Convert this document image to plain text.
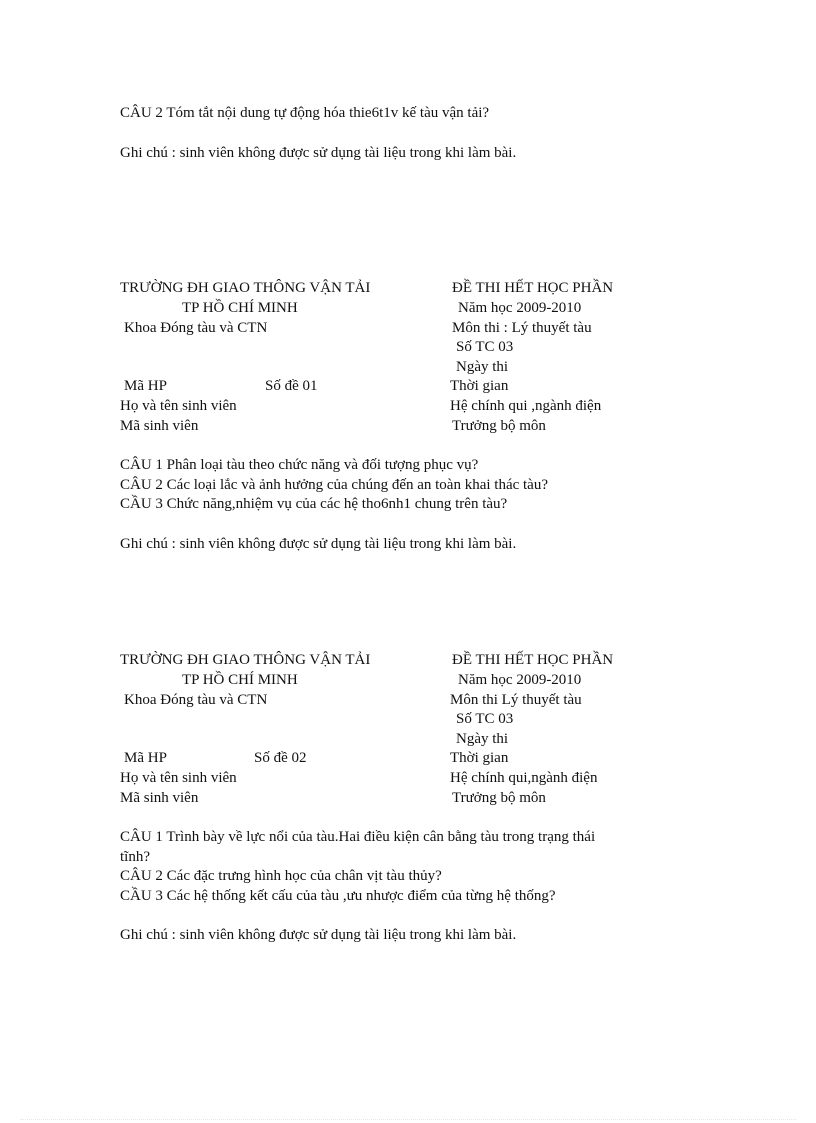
CÂU 2 Tóm tắt nội dung tự động hóa thie6t1v kế tàu vận tải?
Ghi chú : sinh viên không được sử dụng tài liệu trong khi làm bài.
TRƯỜNG ĐH GIAO THÔNG VẬN TẢI
TP HỒ CHÍ MINH
Khoa Đóng tàu và CTN
Mã HP	Số đề 01
Họ và tên sinh viên
Mã sinh viên
ĐỀ THI HẾT HỌC PHẦN
Năm học 2009-2010
Môn thi : Lý thuyết tàu
Số TC 03
Ngày thi
Thời gian
Hệ chính qui ,ngành điện
Trưởng bộ môn
CÂU 1 Phân loại tàu theo chức năng và đối tượng phục vụ?
CÂU 2 Các loại lắc và ảnh hưởng của chúng đến an toàn khai thác tàu?
CẦU 3 Chức năng,nhiệm vụ của các hệ tho6nh1 chung trên tàu?
Ghi chú : sinh viên không được sử dụng tài liệu trong khi làm bài.
TRƯỜNG ĐH GIAO THÔNG VẬN TẢI
TP HỒ CHÍ MINH
Khoa Đóng tàu và CTN
Mã HP	Số đề 02
Họ và tên sinh viên
Mã sinh viên
ĐỀ THI HẾT HỌC PHẦN
Năm học 2009-2010
Môn thi Lý thuyết tàu
Số TC 03
Ngày thi
Thời gian
Hệ chính qui,ngành điện
Trưởng bộ môn
CÂU 1 Trình bày về lực nổi của tàu.Hai điều kiện cân bằng tàu trong trạng thái
tĩnh?
CÂU 2 Các đặc trưng hình học của chân vịt tàu thủy?
CẦU 3 Các hệ thống kết cấu của tàu ,ưu nhược điểm của từng hệ thống?
Ghi chú : sinh viên không được sử dụng tài liệu trong khi làm bài.
